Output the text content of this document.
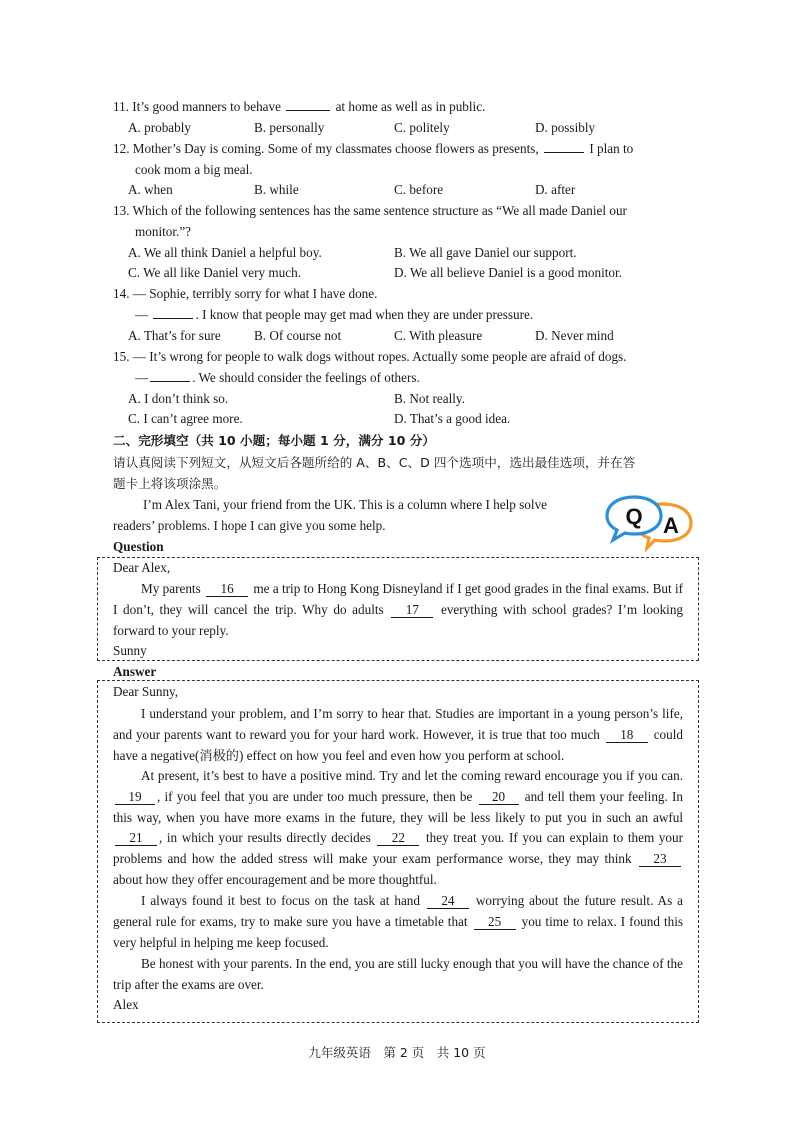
11. It’s good manners to behave	at home as well as in public.
A. probably	B. personally	C. politely	D. possibly
12. Mother’s Day is coming. Some of my classmates choose flowers as presents,	I plan to
cook mom a big meal.
A. when	B. while	C. before	D. after
13. Which of the following sentences has the same sentence structure as “We all made Daniel our
monitor.”?
A. We all think Daniel a helpful boy.	B. We all gave Daniel our support.
C. We all like Daniel very much.	D. We all believe Daniel is a good monitor.
14. — Sophie, terribly sorry for what I have done.
—	. I know that people may get mad when they are under pressure.
A. That’s for sure	B. Of course not	C. With pleasure	D. Never mind
15. — It’s wrong for people to walk dogs without ropes. Actually some people are afraid of dogs.
—	. We should consider the feelings of others.
A. I don’t think so.	B. Not really.
C. I can’t agree more.	D. That’s a good idea.
二、完形填空（共 10 小题；每小题 1 分，满分 10 分）
请认真阅读下列短文，从短文后各题所给的 A、B、C、D 四个选项中，选出最佳选项，并在答
题卡上将该项涂黑。
I’m Alex Tani, your friend from the UK. This is a column where I help solve
readers’ problems. I hope I can give you some help.	Q A
Question
Dear Alex,
My parents 16 me a trip to Hong Kong Disneyland if I get good grades in the final exams. But if I don’t, they will cancel the trip. Why do adults 17 everything with school grades? I’m looking forward to your reply.
Sunny
Answer
Dear Sunny,
I understand your problem, and I’m sorry to hear that. Studies are important in a young person’s life, and your parents want to reward you for your hard work. However, it is true that too much 18 could have a negative(消极的) effect on how you feel and even how you perform at school.
At present, it’s best to have a positive mind. Try and let the coming reward encourage you if you can. 19 , if you feel that you are under too much pressure, then be 20 and tell them your feeling. In this way, when you have more exams in the future, they will be less likely to put you in such an awful 21 , in which your results directly decides 22 they treat you. If you can explain to them your problems and how the added stress will make your exam performance worse, they may think 23 about how they offer encouragement and be more thoughtful.
I always found it best to focus on the task at hand 24 worrying about the future result. As a general rule for exams, try to make sure you have a timetable that 25 you time to relax. I found this very helpful in helping me keep focused.
Be honest with your parents. In the end, you are still lucky enough that you will have the chance of the trip after the exams are over.
Alex
九年级英语　第 2 页　共 10 页
